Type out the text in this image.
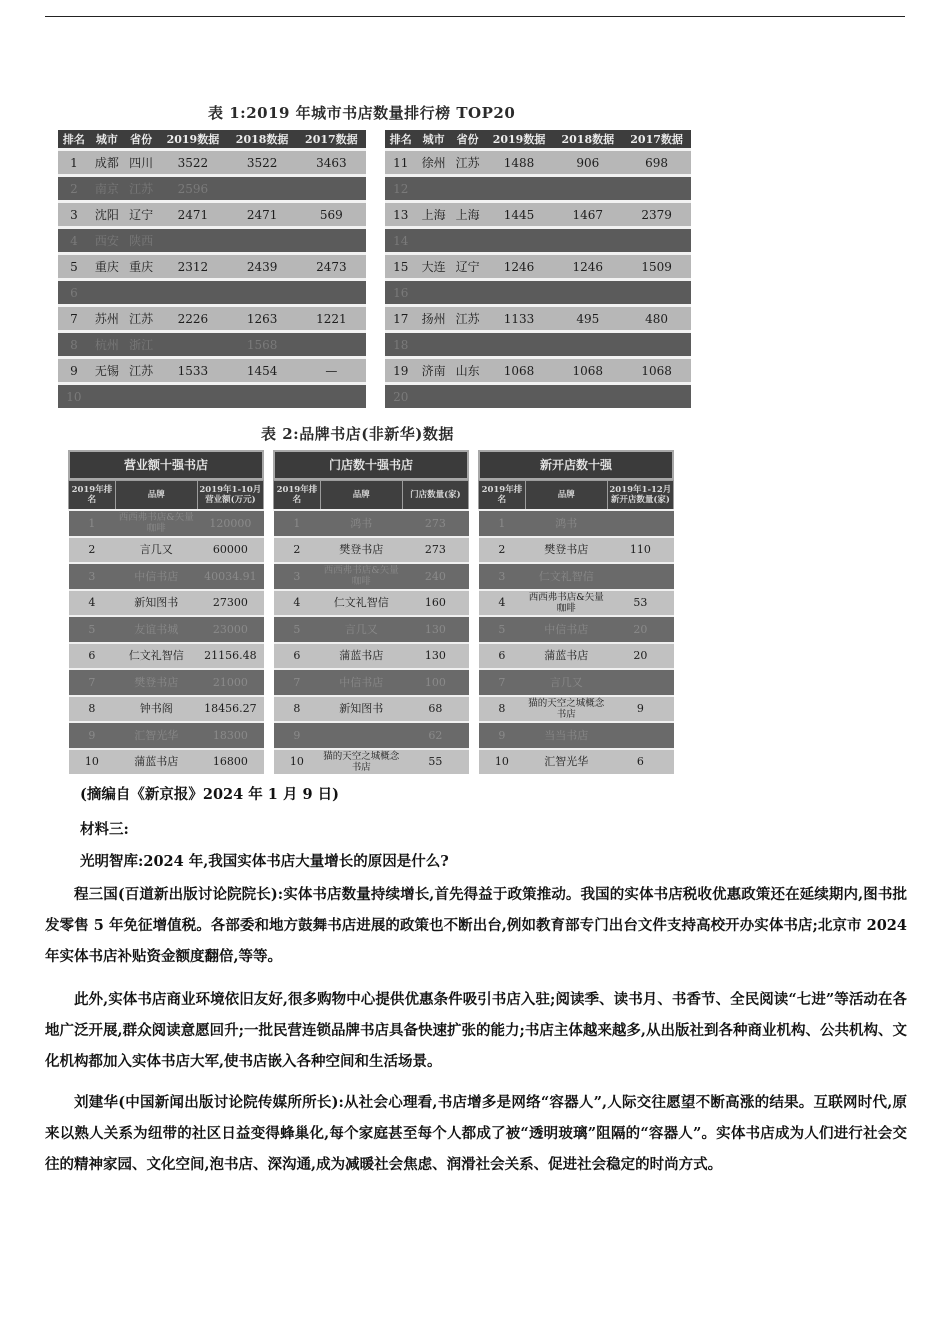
表 1:2019 年城市书店数量排行榜 TOP20
排名	城市	省份	2019数据	2018数据	2017数据
1	成都	四川	3522	3522	3463
2	南京	江苏	2596		
3	沈阳	辽宁	2471	2471	569
4	西安	陕西			
5	重庆	重庆	2312	2439	2473
6					
7	苏州	江苏	2226	1263	1221
8	杭州	浙江		1568	
9	无锡	江苏	1533	1454	—
10					
排名	城市	省份	2019数据	2018数据	2017数据
11	徐州	江苏	1488	906	698
12					
13	上海	上海	1445	1467	2379
14					
15	大连	辽宁	1246	1246	1509
16					
17	扬州	江苏	1133	495	480
18					
19	济南	山东	1068	1068	1068
20					
表 2:品牌书店(非新华)数据
营业额十强书店
2019年排名	品牌	2019年1-10月营业额(万元)
1	西西弗书店&矢量咖啡	120000
2	言几又	60000
3	中信书店	40034.91
4	新知图书	27300
5	友谊书城	23000
6	仁文礼智信	21156.48
7	樊登书店	21000
8	钟书阁	18456.27
9	汇智光华	18300
10	蒲蓝书店	16800
门店数十强书店
2019年排名	品牌	门店数量(家)
1	鸿书	273
2	樊登书店	273
3	西西弗书店&矢量咖啡	240
4	仁文礼智信	160
5	言几又	130
6	蒲蓝书店	130
7	中信书店	100
8	新知图书	68
9		62
10	猫的天空之城概念书店	55
新开店数十强
2019年排名	品牌	2019年1-12月新开店数量(家)
1	鸿书	
2	樊登书店	110
3	仁文礼智信	
4	西西弗书店&矢量咖啡	53
5	中信书店	20
6	蒲蓝书店	20
7	言几又	
8	猫的天空之城概念书店	9
9	当当书店	
10	汇智光华	6
(摘编自《新京报》2024 年 1 月 9 日)
材料三:
光明智库:2024 年,我国实体书店大量增长的原因是什么?
程三国(百道新出版讨论院院长):实体书店数量持续增长,首先得益于政策推动。我国的实体书店税收优惠政策还在延续期内,图书批发零售 5 年免征增值税。各部委和地方鼓舞书店进展的政策也不断出台,例如教育部专门出台文件支持高校开办实体书店;北京市 2024 年实体书店补贴资金额度翻倍,等等。
此外,实体书店商业环境依旧友好,很多购物中心提供优惠条件吸引书店入驻;阅读季、读书月、书香节、全民阅读“七进”等活动在各地广泛开展,群众阅读意愿回升;一批民营连锁品牌书店具备快速扩张的能力;书店主体越来越多,从出版社到各种商业机构、公共机构、文化机构都加入实体书店大军,使书店嵌入各种空间和生活场景。
刘建华(中国新闻出版讨论院传媒所所长):从社会心理看,书店增多是网络“容器人”,人际交往愿望不断高涨的结果。互联网时代,原来以熟人关系为纽带的社区日益变得蜂巢化,每个家庭甚至每个人都成了被“透明玻璃”阻隔的“容器人”。实体书店成为人们进行社会交往的精神家园、文化空间,泡书店、深沟通,成为减暖社会焦虑、润滑社会关系、促进社会稳定的时尚方式。
